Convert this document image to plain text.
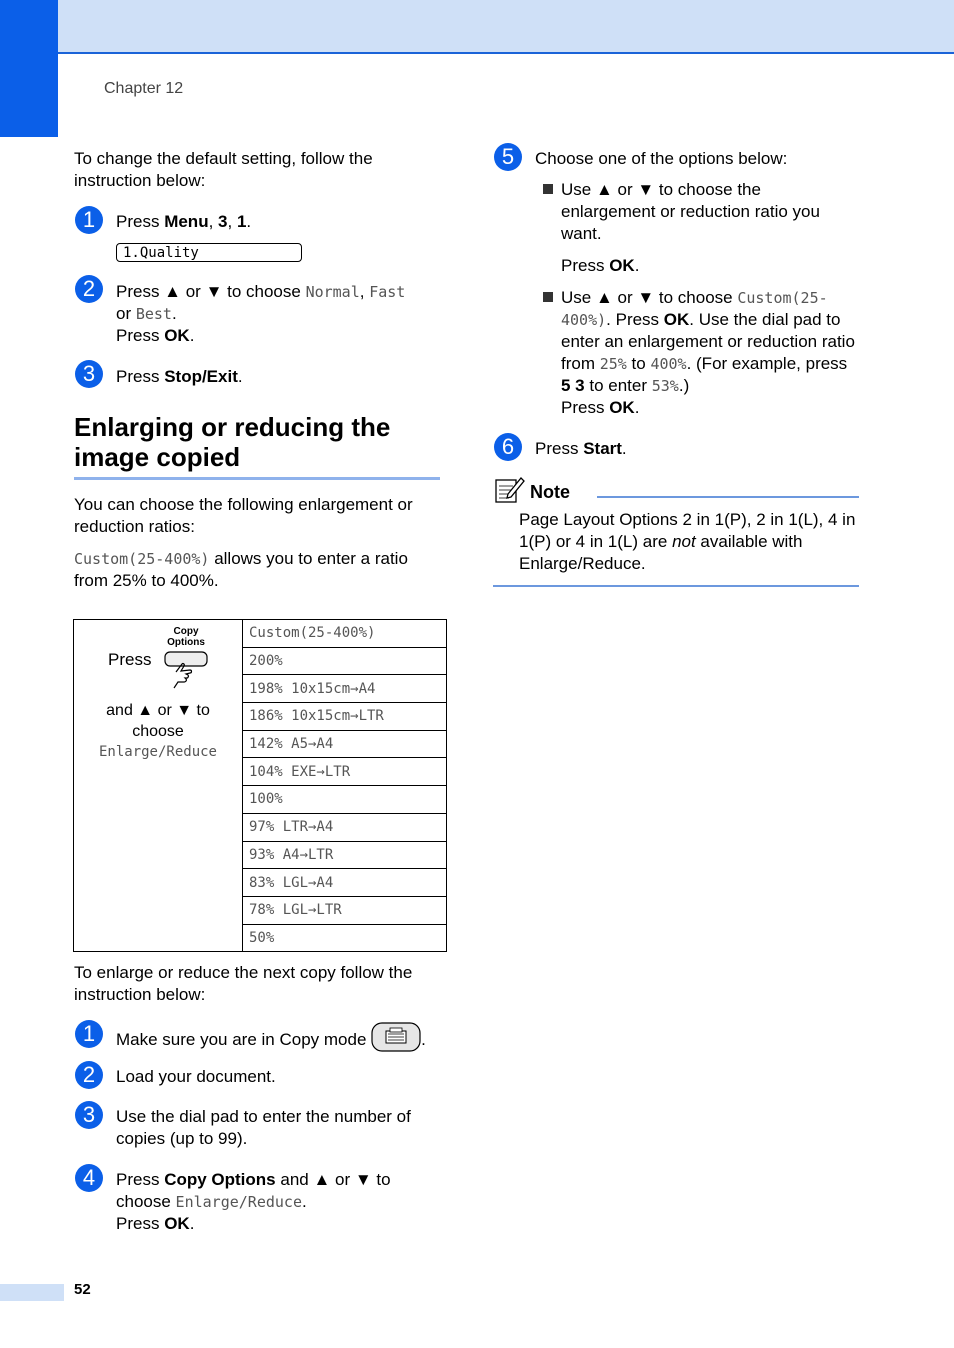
Chapter 12
To change the default setting, follow the instruction below:
1	Press Menu, 3, 1.
1.Quality
2	Press ▲ or ▼ to choose Normal, Fast
or Best.
Press OK.
3	Press Stop/Exit.
Enlarging or reducing the image copied
You can choose the following enlargement or reduction ratios:
Custom(25-400%) allows you to enter a ratio from 25% to 400%.
Press
Copy
Options
and ▲ or ▼ to choose
Enlarge/Reduce
	Custom(25-400%)
200%
198% 10x15cm→A4
186% 10x15cm→LTR
142% A5→A4
104% EXE→LTR
100%
97% LTR→A4
93% A4→LTR
83% LGL→A4
78% LGL→LTR
50%
To enlarge or reduce the next copy follow the instruction below:
1	Make sure you are in Copy mode	.
2	Load your document.
3	Use the dial pad to enter the number of copies (up to 99).
4	Press Copy Options and ▲ or ▼ to
choose Enlarge/Reduce.
Press OK.
5	Choose one of the options below:
Use ▲ or ▼ to choose the enlargement or reduction ratio you want.
Press OK.
Use ▲ or ▼ to choose Custom(25-
400%). Press OK. Use the dial pad to enter an enlargement or reduction ratio from 25% to 400%. (For example, press 5 3 to enter 53%.)
Press OK.
6	Press Start.
Note
Page Layout Options 2 in 1(P), 2 in 1(L), 4 in 1(P) or 4 in 1(L) are not available with Enlarge/Reduce.
52
